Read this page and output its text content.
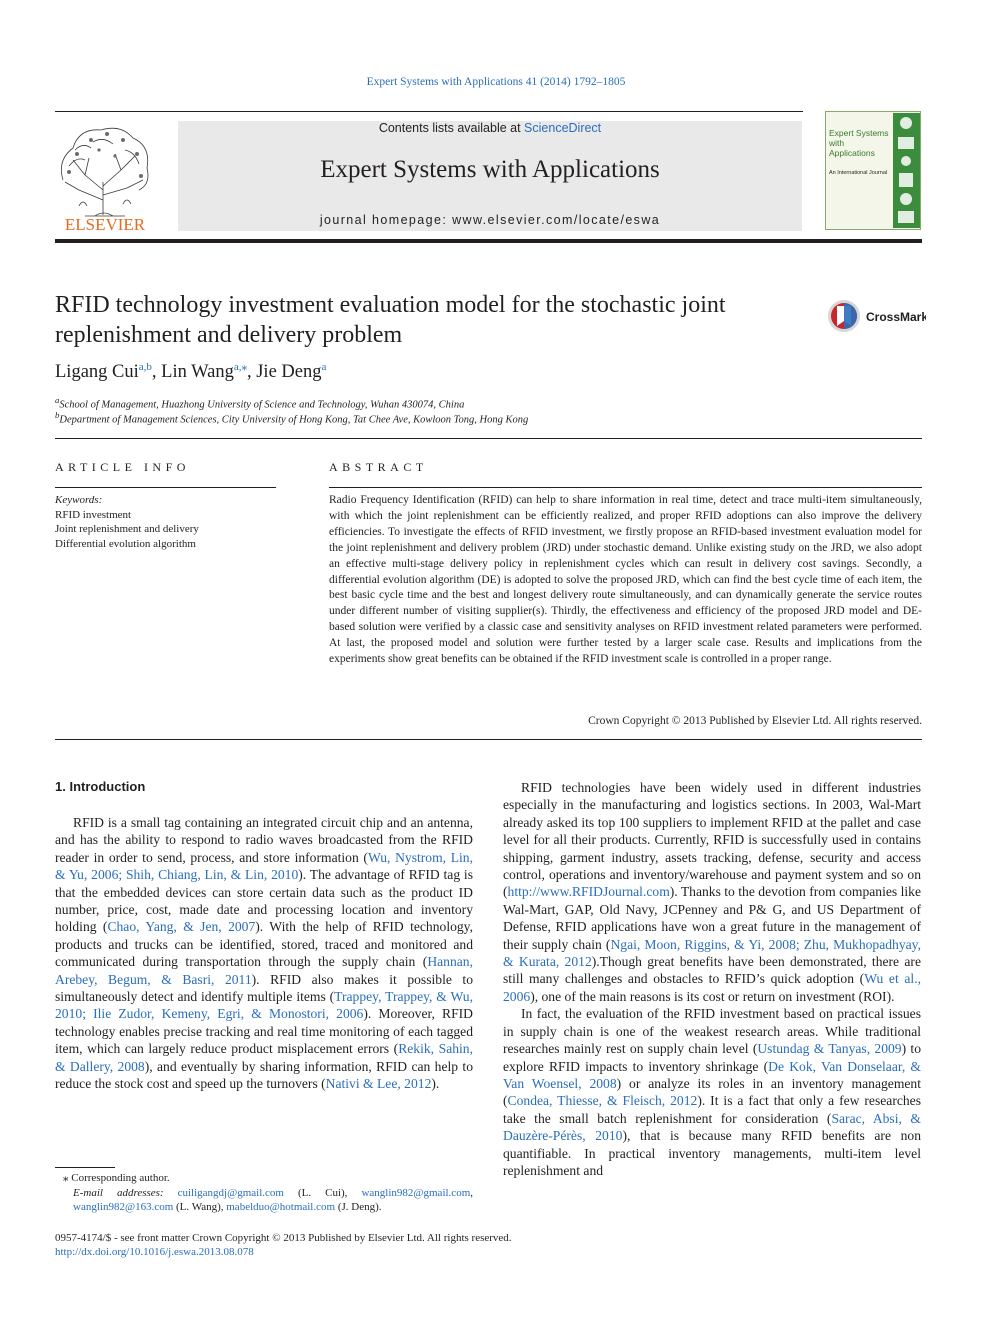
Expert Systems with Applications 41 (2014) 1792–1805
ELSEVIER
Contents lists available at ScienceDirect
Expert Systems with Applications
journal homepage: www.elsevier.com/locate/eswa
Expert Systems with Applications
An International Journal
RFID technology investment evaluation model for the stochastic joint replenishment and delivery problem
CrossMark
Ligang Cui$^{a,b}$, Lin Wang$^{a,⁎}$, Jie Deng$^a$
$^a$School of Management, Huazhong University of Science and Technology, Wuhan 430074, China
$^b$Department of Management Sciences, City University of Hong Kong, Tat Chee Ave, Kowloon Tong, Hong Kong
ARTICLE INFO	ABSTRACT
Keywords:
RFID investment
Joint replenishment and delivery
Differential evolution algorithm
Radio Frequency Identification (RFID) can help to share information in real time, detect and trace multi-item simultaneously, with which the joint replenishment can be efficiently realized, and proper RFID adoptions can also improve the delivery efficiencies. To investigate the effects of RFID investment, we firstly propose an RFID-based investment evaluation model for the joint replenishment and delivery problem (JRD) under stochastic demand. Unlike existing study on the JRD, we also adopt an effective multi-stage delivery policy in replenishment cycles which can result in delivery cost savings. Secondly, a differential evolution algorithm (DE) is adopted to solve the proposed JRD, which can find the best cycle time of each item, the best basic cycle time and the best and longest delivery route simultaneously, and can dynamically generate the service routes under different number of visiting supplier(s). Thirdly, the effectiveness and efficiency of the proposed JRD model and DE-based solution were verified by a classic case and sensitivity analyses on RFID investment related parameters were performed. At last, the proposed model and solution were further tested by a larger scale case. Results and implications from the experiments show great benefits can be obtained if the RFID investment scale is controlled in a proper range.
Crown Copyright © 2013 Published by Elsevier Ltd. All rights reserved.
1. Introduction

RFID is a small tag containing an integrated circuit chip and an antenna, and has the ability to respond to radio waves broadcasted from the RFID reader in order to send, process, and store information (Wu, Nystrom, Lin, & Yu, 2006; Shih, Chiang, Lin, & Lin, 2010). The advantage of RFID tag is that the embedded devices can store certain data such as the product ID number, price, cost, made date and processing location and inventory holding (Chao, Yang, & Jen, 2007). With the help of RFID technology, products and trucks can be identified, stored, traced and monitored and communicated during transportation through the supply chain (Hannan, Arebey, Begum, & Basri, 2011). RFID also makes it possible to simultaneously detect and identify multiple items (Trappey, Trappey, & Wu, 2010; Ilie Zudor, Kemeny, Egri, & Monostori, 2006). Moreover, RFID technology enables precise tracking and real time monitoring of each tagged item, which can largely reduce product misplacement errors (Rekik, Sahin, & Dallery, 2008), and eventually by sharing information, RFID can help to reduce the stock cost and speed up the turnovers (Nativi & Lee, 2012).

RFID technologies have been widely used in different industries especially in the manufacturing and logistics sections. In 2003, Wal-Mart already asked its top 100 suppliers to implement RFID at the pallet and case level for all their products. Currently, RFID is successfully used in contains shipping, garment industry, assets tracking, defense, security and access control, operations and inventory/warehouse and payment system and so on (http://www.RFIDJournal.com). Thanks to the devotion from companies like Wal-Mart, GAP, Old Navy, JCPenney and P& G, and US Department of Defense, RFID applications have won a great future in the management of their supply chain (Ngai, Moon, Riggins, & Yi, 2008; Zhu, Mukhopadhyay, & Kurata, 2012).Though great benefits have been demonstrated, there are still many challenges and obstacles to RFID’s quick adoption (Wu et al., 2006), one of the main reasons is its cost or return on investment (ROI).

In fact, the evaluation of the RFID investment based on practical issues in supply chain is one of the weakest research areas. While traditional researches mainly rest on supply chain level (Ustundag & Tanyas, 2009) to explore RFID impacts to inventory shrinkage (De Kok, Van Donselaar, & Van Woensel, 2008) or analyze its roles in an inventory management (Condea, Thiesse, & Fleisch, 2012). It is a fact that only a few researches take the small batch replenishment for consideration (Sarac, Absi, & Dauzère-Pérès, 2010), that is because many RFID benefits are non quantifiable. In practical inventory managements, multi-item level replenishment and

⁎ Corresponding author.
E-mail addresses: cuiligangdj@gmail.com (L. Cui), wanglin982@gmail.com, wanglin982@163.com (L. Wang), mabelduo@hotmail.com (J. Deng).
0957-4174/$ - see front matter Crown Copyright © 2013 Published by Elsevier Ltd. All rights reserved.
http://dx.doi.org/10.1016/j.eswa.2013.08.078
